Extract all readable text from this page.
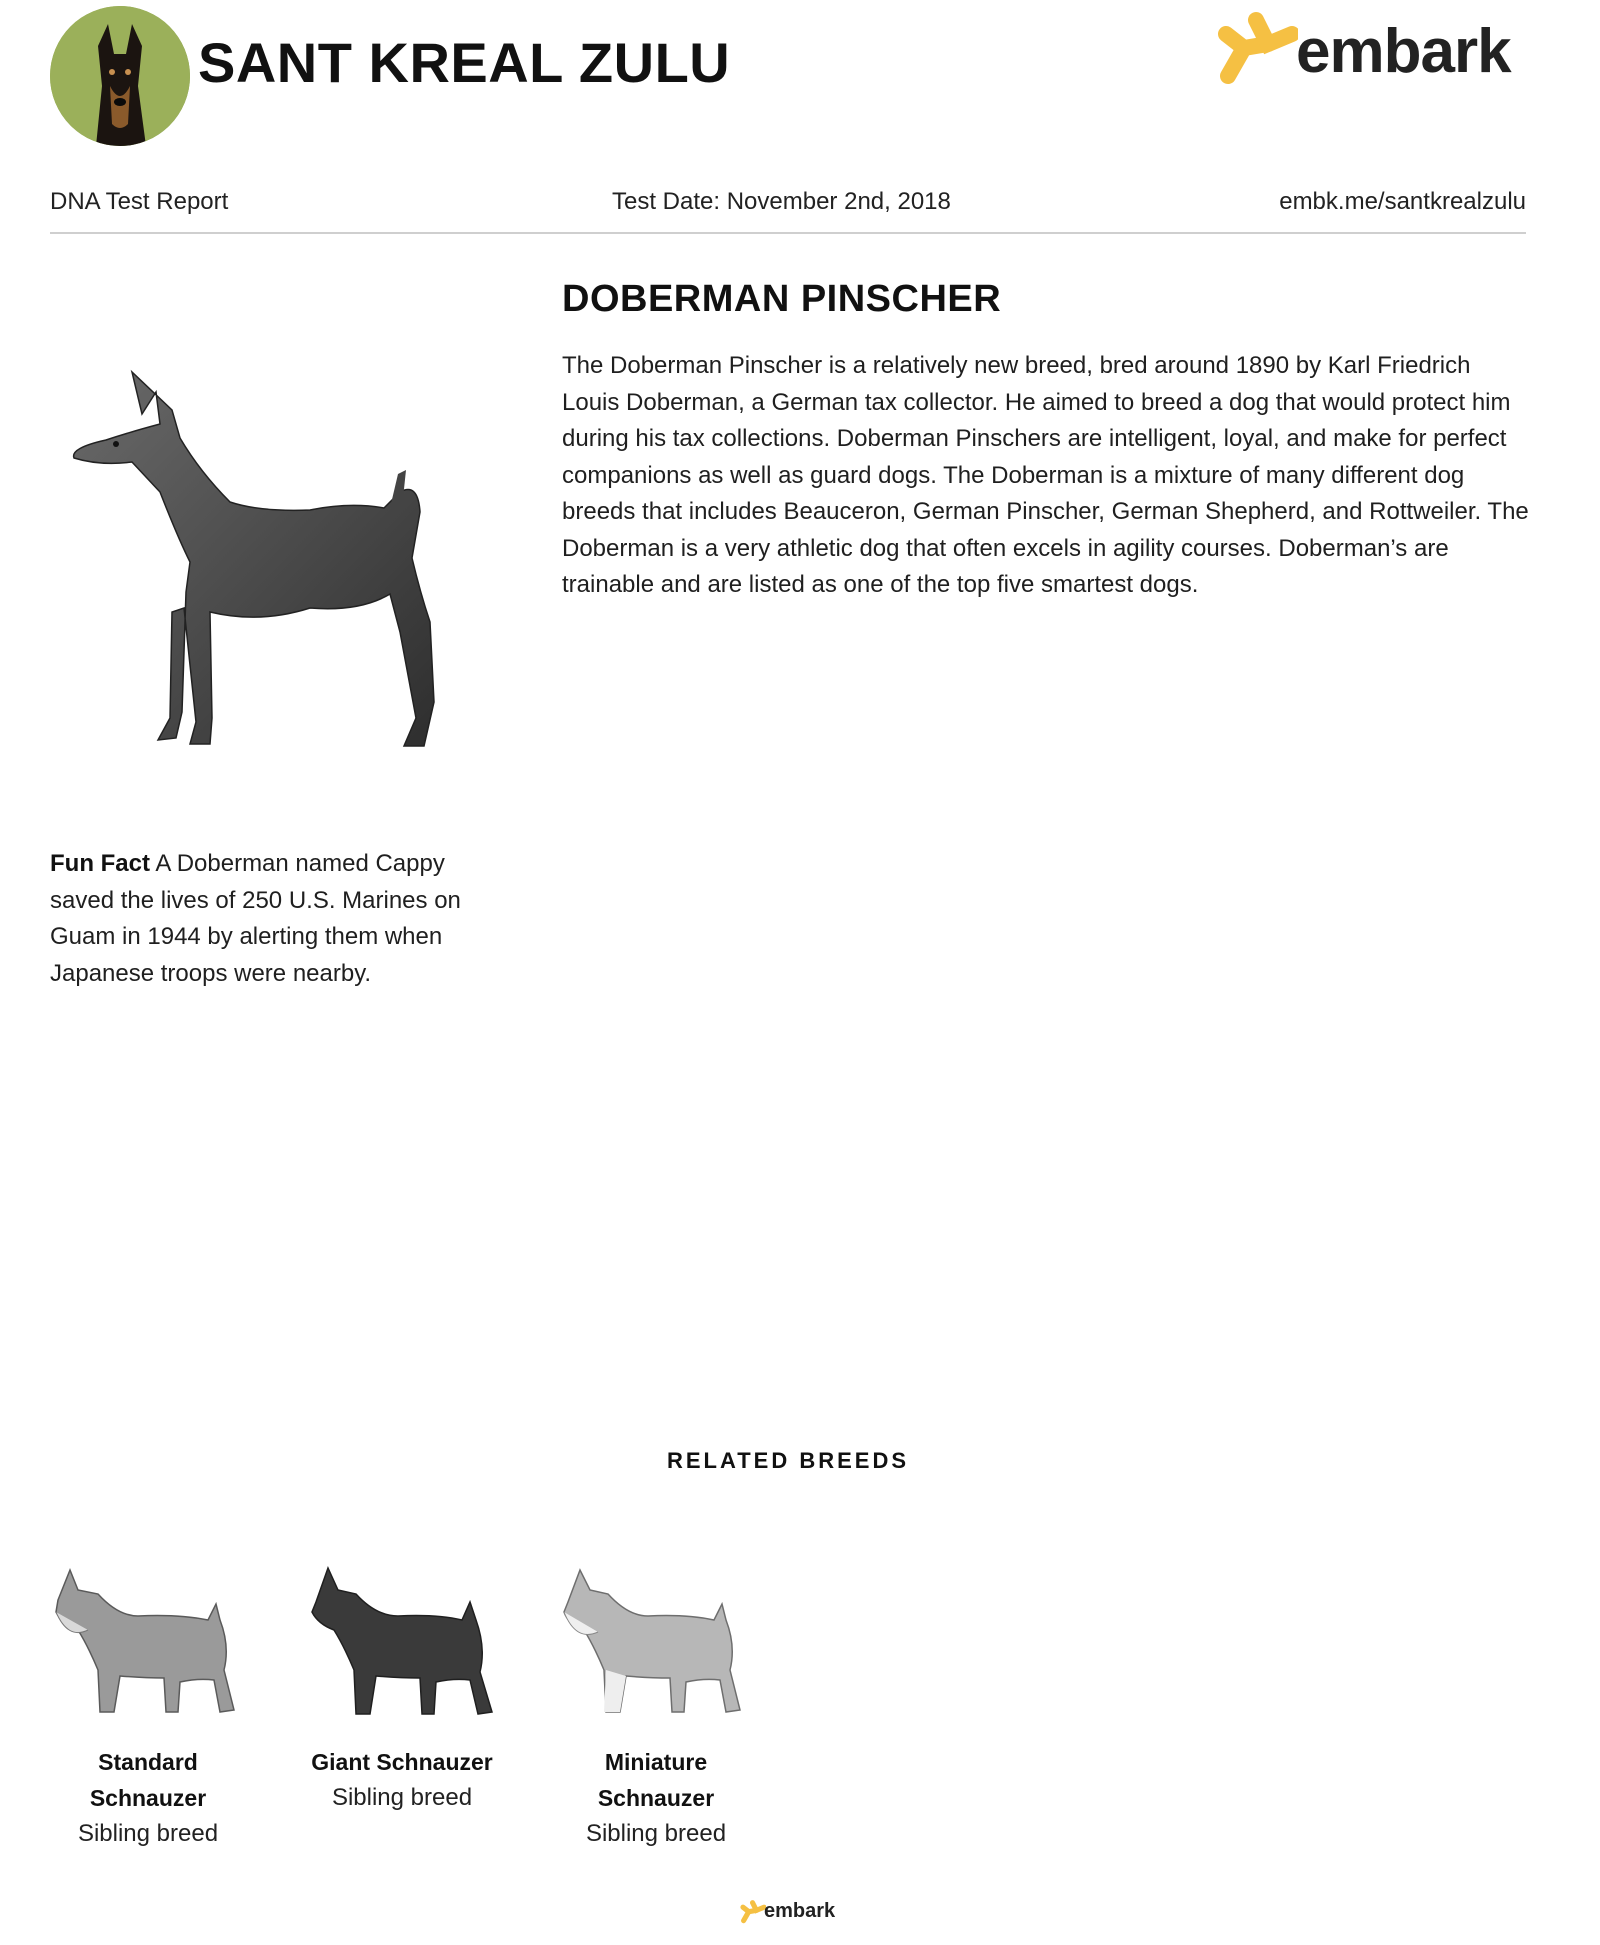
SANT KREAL ZULU	embark
DNA Test Report	Test Date: November 2nd, 2018	embk.me/santkrealzulu
DOBERMAN PINSCHER

The Doberman Pinscher is a relatively new breed, bred around 1890 by Karl Friedrich Louis Doberman, a German tax collector. He aimed to breed a dog that would protect him during his tax collections. Doberman Pinschers are intelligent, loyal, and make for perfect companions as well as guard dogs. The Doberman is a mixture of many different dog breeds that includes Beauceron, German Pinscher, German Shepherd, and Rottweiler. The Doberman is a very athletic dog that often excels in agility courses. Doberman’s are trainable and are listed as one of the top five smartest dogs.

Fun Fact A Doberman named Cappy saved the lives of 250 U.S. Marines on Guam in 1944 by alerting them when Japanese troops were nearby.

RELATED BREEDS
Standard Schnauzer
Sibling breed
Giant Schnauzer
Sibling breed
Miniature Schnauzer
Sibling breed
embark
